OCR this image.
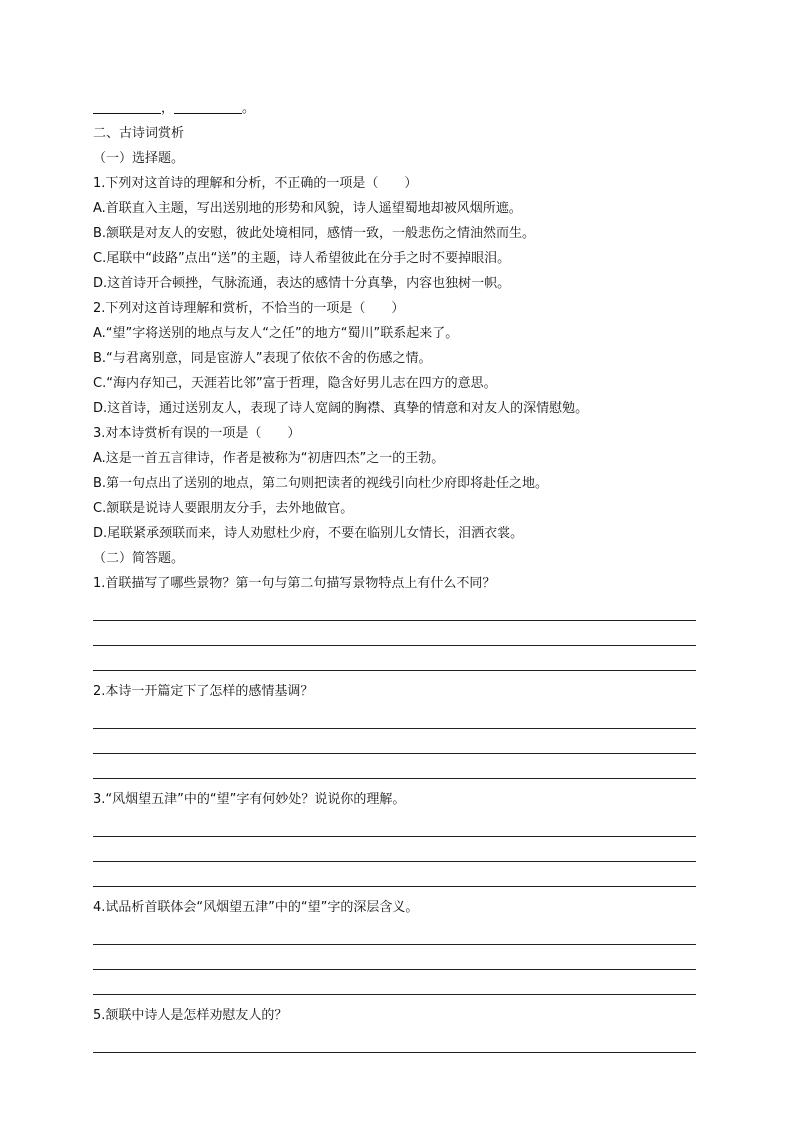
，	。
二、古诗词赏析
（一）选择题。
1.下列对这首诗的理解和分析，不正确的一项是（　　）
A.首联直入主题，写出送别地的形势和风貌，诗人遥望蜀地却被风烟所遮。
B.颔联是对友人的安慰，彼此处境相同，感情一致，一般悲伤之情油然而生。
C.尾联中“歧路”点出“送”的主题，诗人希望彼此在分手之时不要掉眼泪。
D.这首诗开合顿挫，气脉流通，表达的感情十分真挚，内容也独树一帜。
2.下列对这首诗理解和赏析，不恰当的一项是（　　）
A.“望”字将送别的地点与友人“之任”的地方“蜀川”联系起来了。
B.“与君离别意，同是宦游人”表现了依依不舍的伤感之情。
C.“海内存知己，天涯若比邻”富于哲理，隐含好男儿志在四方的意思。
D.这首诗，通过送别友人，表现了诗人宽阔的胸襟、真挚的情意和对友人的深情慰勉。
3.对本诗赏析有误的一项是（　　）
A.这是一首五言律诗，作者是被称为“初唐四杰”之一的王勃。
B.第一句点出了送别的地点，第二句则把读者的视线引向杜少府即将赴任之地。
C.颔联是说诗人要跟朋友分手，去外地做官。
D.尾联紧承颈联而来，诗人劝慰杜少府，不要在临别儿女情长，泪洒衣裳。
（二）简答题。
1.首联描写了哪些景物？第一句与第二句描写景物特点上有什么不同？
2.本诗一开篇定下了怎样的感情基调？
3.“风烟望五津”中的“望”字有何妙处？说说你的理解。
4.试品析首联体会“风烟望五津”中的“望”字的深层含义。
5.颔联中诗人是怎样劝慰友人的？
